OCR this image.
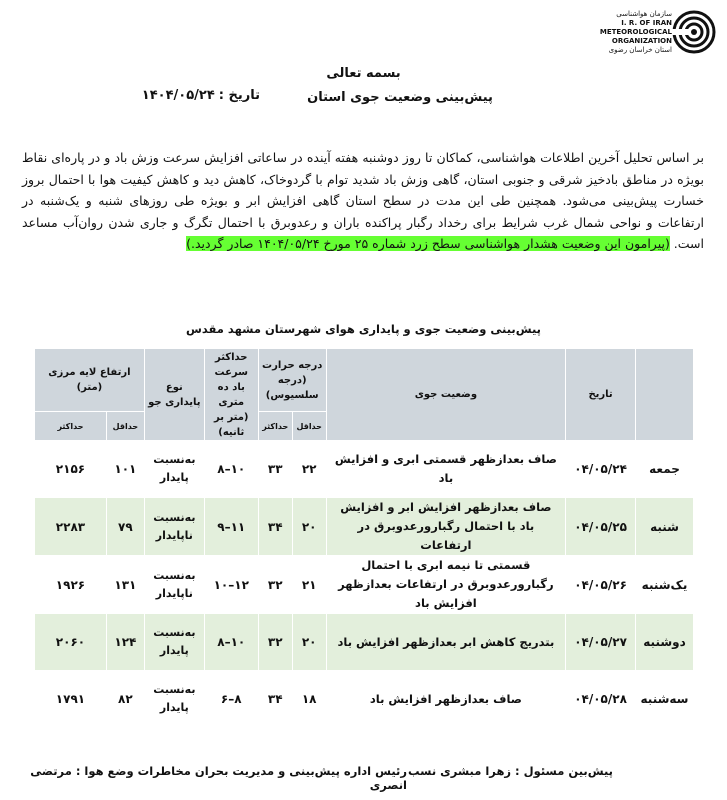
سازمان هواشناسی
I. R. OF IRAN
METEOROLOGICAL
ORGANIZATION
استان خراسان رضوی
بسمه تعالی
پیش‌بینی وضعیت جوی استان
تاریخ :۱۴۰۴/۰۵/۲۴
بر اساس تحلیل آخرین اطلاعات هواشناسی، کماکان تا روز دوشنبه هفته آینده در ساعاتی افزایش سرعت وزش باد و در پاره‌ای نقاط بویژه در مناطق بادخیز شرقی و جنوبی استان، گاهی وزش باد شدید توام با گردوخاک، کاهش دید و کاهش کیفیت هوا با احتمال بروز خسارت پیش‌بینی می‌شود. همچنین طی این مدت در سطح استان گاهی افزایش ابر و بویژه طی روزهای شنبه و یک‌شنبه در ارتفاعات و نواحی شمال غرب شرایط برای رخداد رگبار پراکنده باران و رعدوبرق با احتمال تگرگ و جاری شدن روان‌آب مساعد است. (پیرامون این وضعیت هشدار هواشناسی سطح زرد شماره ۲۵ مورخ ۱۴۰۴/۰۵/۲۴ صادر گردید.)
پیش‌بینی وضعیت جوی و پایداری هوای شهرستان مشهد مقدس
	تاریخ	وضعیت جوی	درجه حرارت (درجه سلسیوس)		حداکثر سرعت باد ده متری (متر بر ثانیه)	نوع پایداری جو	ارتفاع لایه مرزی (متر)	
			حداقل	حداکثر			حداقل	حداکثر
جمعه	۰۴/۰۵/۲۴	صاف بعدازظهر قسمتی ابری و افزایش باد	۲۲	۳۳	۱۰–۸	به‌نسبت پایدار	۱۰۱	۲۱۵۶
شنبه	۰۴/۰۵/۲۵	صاف بعدازظهر افزایش ابر و افزایش باد با احتمال رگبارورعدوبرق در ارتفاعات	۲۰	۳۴	۱۱–۹	به‌نسبت ناپایدار	۷۹	۲۲۸۳
یک‌شنبه	۰۴/۰۵/۲۶	قسمتی تا نیمه ابری با احتمال رگبارورعدوبرق در ارتفاعات بعدازظهر افزایش باد	۲۱	۳۲	۱۲–۱۰	به‌نسبت ناپایدار	۱۳۱	۱۹۲۶
دوشنبه	۰۴/۰۵/۲۷	بتدریج کاهش ابر بعدازظهر افزایش باد	۲۰	۳۲	۱۰–۸	به‌نسبت پایدار	۱۲۴	۲۰۶۰
سه‌شنبه	۰۴/۰۵/۲۸	صاف بعدازظهر افزایش باد	۱۸	۳۴	۸–۶	به‌نسبت پایدار	۸۲	۱۷۹۱
پیش‌بین مسئول : زهرا مبشری نسب
رئیس اداره پیش‌بینی و مدیریت بحران مخاطرات وضع هوا : مرتضی انصری
